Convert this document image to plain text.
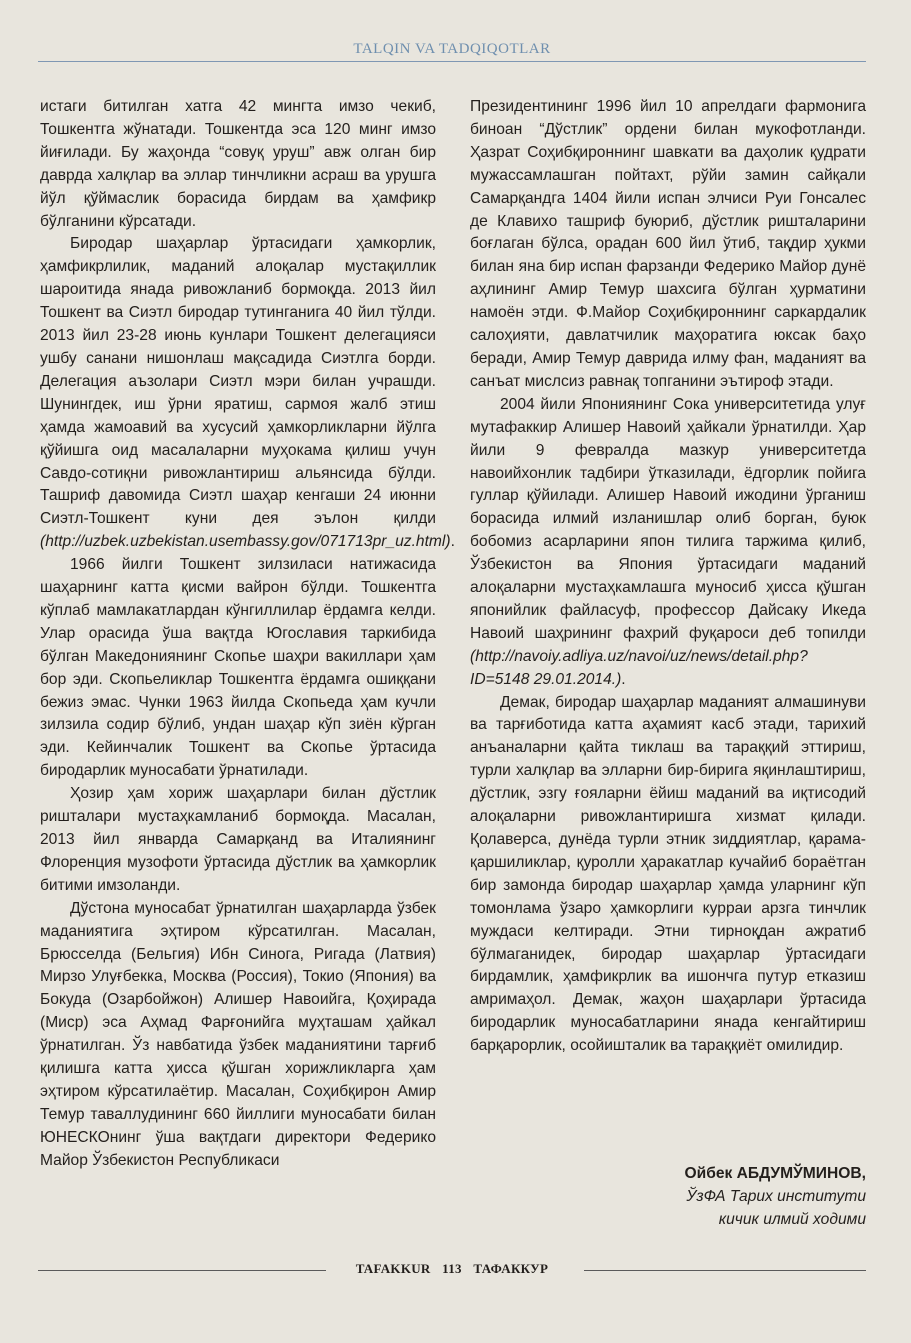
TALQIN VA TADQIQOTLAR

истаги битилган хатга 42 мингта имзо чекиб, Тошкентга жўнатади. Тошкентда эса 120 минг имзо йиғилади. Бу жаҳонда “совуқ уруш” авж олган бир даврда халқлар ва эллар тинчликни асраш ва урушга йўл қўймаслик борасида бирдам ва ҳамфикр бўлганини кўрсатади.

Биродар шаҳарлар ўртасидаги ҳамкорлик, ҳамфикрлилик, маданий алоқалар мустақиллик шароитида янада ривожланиб бормоқда. 2013 йил Тошкент ва Сиэтл биродар тутинганига 40 йил тўлди. 2013 йил 23-28 июнь кунлари Тошкент делегацияси ушбу санани нишонлаш мақсадида Сиэтлга борди. Делегация аъзолари Сиэтл мэри билан учрашди. Шунингдек, иш ўрни яратиш, сармоя жалб этиш ҳамда жамоавий ва хусусий ҳамкорликларни йўлга қўйишга оид масалаларни муҳокама қилиш учун Савдо-сотиқни ривожлантириш альянсида бўлди. Ташриф давомида Сиэтл шаҳар кенгаши 24 июнни Сиэтл-Тошкент куни дея эълон қилди (http://uzbek.uzbekistan.usembassy.gov/071713pr_uz.html).

1966 йилги Тошкент зилзиласи натижасида шаҳарнинг катта қисми вайрон бўлди. Тошкентга кўплаб мамлакатлардан кўнгиллилар ёрдамга келди. Улар орасида ўша вақтда Югославия таркибида бўлган Македониянинг Скопье шаҳри вакиллари ҳам бор эди. Скопьеликлар Тошкентга ёрдамга ошиққани бежиз эмас. Чунки 1963 йилда Скопьеда ҳам кучли зилзила содир бўлиб, ундан шаҳар кўп зиён кўрган эди. Кейинчалик Тошкент ва Скопье ўртасида биродарлик муносабати ўрнатилади.

Ҳозир ҳам хориж шаҳарлари билан дўстлик ришталари мустаҳкамланиб бормоқда. Масалан, 2013 йил январда Самарқанд ва Италиянинг Флоренция музофоти ўртасида дўстлик ва ҳамкорлик битими имзоланди.

Дўстона муносабат ўрнатилган шаҳарларда ўзбек маданиятига эҳтиром кўрсатилган. Масалан, Брюсселда (Бельгия) Ибн Синога, Ригада (Латвия) Мирзо Улуғбекка, Москва (Россия), Токио (Япония) ва Бокуда (Озарбойжон) Алишер Навоийга, Қоҳирада (Миср) эса Аҳмад Фарғонийга муҳташам ҳайкал ўрнатилган. Ўз навбатида ўзбек маданиятини тарғиб қилишга катта ҳисса қўшган хорижликларга ҳам эҳтиром кўрсатилаётир. Масалан, Соҳибқирон Амир Темур таваллудининг 660 йиллиги муносабати билан ЮНЕСКОнинг ўша вақтдаги директори Федерико Майор Ўзбекистон Республикаси

Президентининг 1996 йил 10 апрелдаги фармонига биноан “Дўстлик” ордени билан мукофотланди. Ҳазрат Соҳибқироннинг шавкати ва даҳолик қудрати мужассамлашган пойтахт, рўйи замин сайқали Самарқандга 1404 йили испан элчиси Руи Гонсалес де Клавихо ташриф буюриб, дўстлик ришталарини боғлаган бўлса, орадан 600 йил ўтиб, тақдир ҳукми билан яна бир испан фарзанди Федерико Майор дунё аҳлининг Амир Темур шахсига бўлган ҳурматини намоён этди. Ф.Майор Соҳибқироннинг саркардалик салоҳияти, давлатчилик маҳоратига юксак баҳо беради, Амир Темур даврида илму фан, маданият ва санъат мислсиз равнақ топганини эътироф этади.

2004 йили Япониянинг Сока университетида улуғ мутафаккир Алишер Навоий ҳайкали ўрнатилди. Ҳар йили 9 февралда мазкур университетда навоийхонлик тадбири ўтказилади, ёдгорлик пойига гуллар қўйилади. Алишер Навоий ижодини ўрганиш борасида илмий изланишлар олиб борган, буюк бобомиз асарларини япон тилига таржима қилиб, Ўзбекистон ва Япония ўртасидаги маданий алоқаларни мустаҳкамлашга муносиб ҳисса қўшган японийлик файласуф, профессор Дайсаку Икеда Навоий шаҳрининг фахрий фуқароси деб топилди (http://navoiy.adliya.uz/navoi/uz/news/detail.php?ID=5148 29.01.2014.).

Демак, биродар шаҳарлар маданият алмашинуви ва тарғиботида катта аҳамият касб этади, тарихий анъаналарни қайта тиклаш ва тараққий эттириш, турли халқлар ва элларни бир-бирига яқинлаштириш, дўстлик, эзгу ғояларни ёйиш маданий ва иқтисодий алоқаларни ривожлантиришга хизмат қилади. Қолаверса, дунёда турли этник зиддиятлар, қарама-қаршиликлар, қуролли ҳаракатлар кучайиб бораётган бир замонда биродар шаҳарлар ҳамда уларнинг кўп томонлама ўзаро ҳамкорлиги курраи арзга тинчлик муждаси келтиради. Этни тирноқдан ажратиб бўлмаганидек, биродар шаҳарлар ўртасидаги бирдамлик, ҳамфикрлик ва ишончга путур етказиш амримаҳол. Демак, жаҳон шаҳарлари ўртасида биродарлик муносабатларини янада кенгайтириш барқарорлик, осойишталик ва тараққиёт омилидир.

Ойбек АБДУМЎМИНОВ,
ЎзФА Тарих институти
кичик илмий ходими
TAFAKKUR 113 ТАФАККУР
